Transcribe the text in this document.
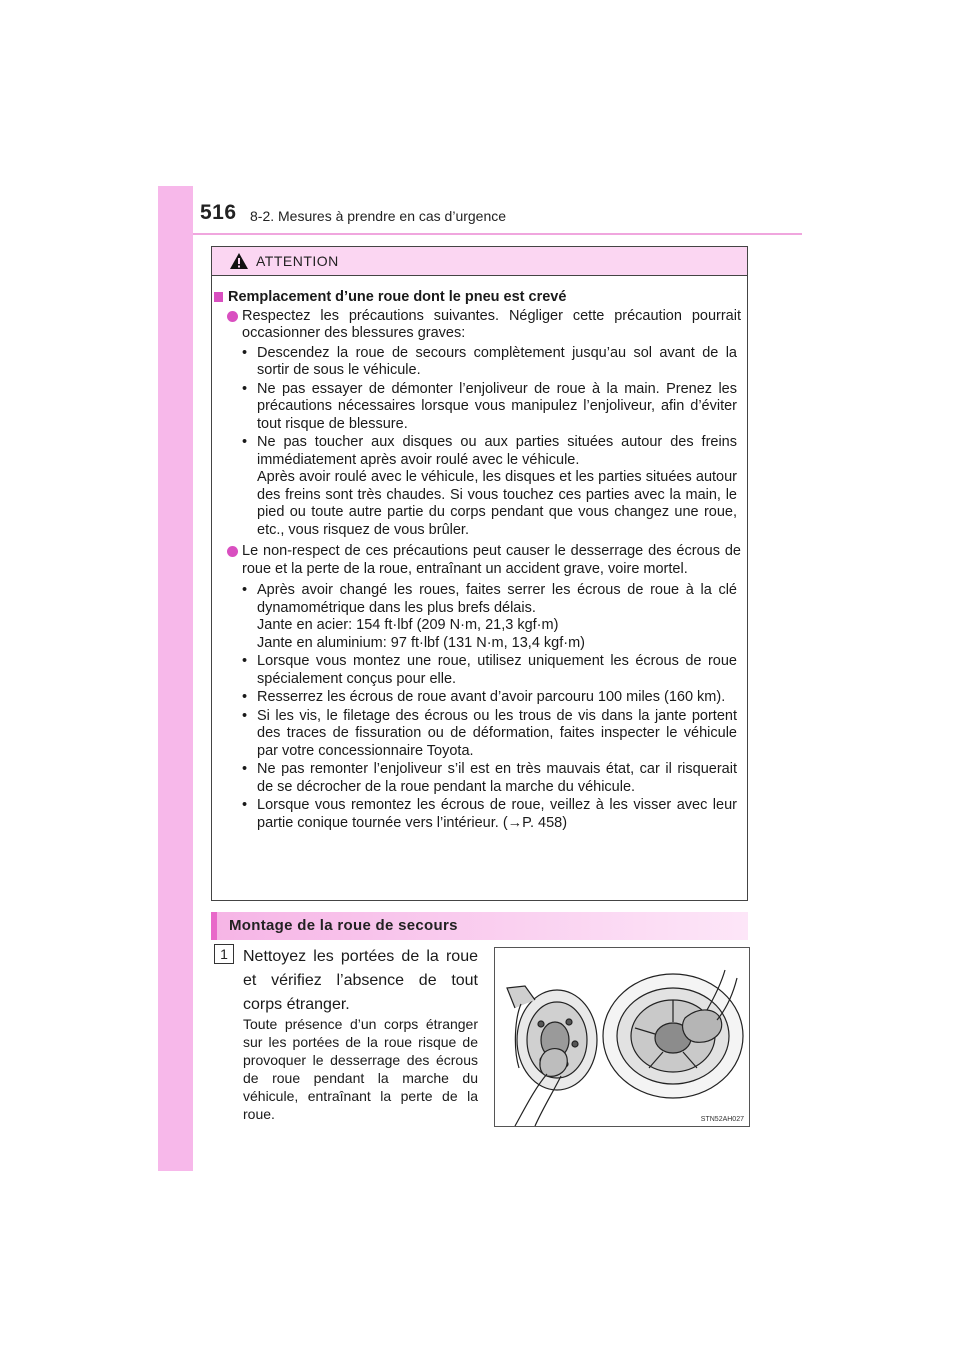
516 8-2. Mesures à prendre en cas d’urgence
ATTENTION
Remplacement d’une roue dont le pneu est crevé
Respectez les précautions suivantes. Négliger cette précaution pourrait occasionner des blessures graves:
• Descendez la roue de secours complètement jusqu’au sol avant de la sortir de sous le véhicule.
• Ne pas essayer de démonter l’enjoliveur de roue à la main. Prenez les précautions nécessaires lorsque vous manipulez l’enjoliveur, afin d’éviter tout risque de blessure.
• Ne pas toucher aux disques ou aux parties situées autour des freins immédiatement après avoir roulé avec le véhicule.
Après avoir roulé avec le véhicule, les disques et les parties situées autour des freins sont très chaudes. Si vous touchez ces parties avec la main, le pied ou toute autre partie du corps pendant que vous changez une roue, etc., vous risquez de vous brûler.
Le non-respect de ces précautions peut causer le desserrage des écrous de roue et la perte de la roue, entraînant un accident grave, voire mortel.
• Après avoir changé les roues, faites serrer les écrous de roue à la clé dynamométrique dans les plus brefs délais.
Jante en acier: 154 ft·lbf (209 N·m, 21,3 kgf·m)
Jante en aluminium: 97 ft·lbf (131 N·m, 13,4 kgf·m)
• Lorsque vous montez une roue, utilisez uniquement les écrous de roue spécialement conçus pour elle.
• Resserrez les écrous de roue avant d’avoir parcouru 100 miles (160 km).
• Si les vis, le filetage des écrous ou les trous de vis dans la jante portent des traces de fissuration ou de déformation, faites inspecter le véhicule par votre concessionnaire Toyota.
• Ne pas remonter l’enjoliveur s’il est en très mauvais état, car il risquerait de se décrocher de la roue pendant la marche du véhicule.
• Lorsque vous remontez les écrous de roue, veillez à les visser avec leur partie conique tournée vers l’intérieur. (→P. 458)
Montage de la roue de secours
1 Nettoyez les portées de la roue et vérifiez l’absence de tout corps étranger.
Toute présence d’un corps étranger sur les portées de la roue risque de provoquer le desserrage des écrous de roue pendant la marche du véhicule, entraînant la perte de la roue.	STN52AH027
